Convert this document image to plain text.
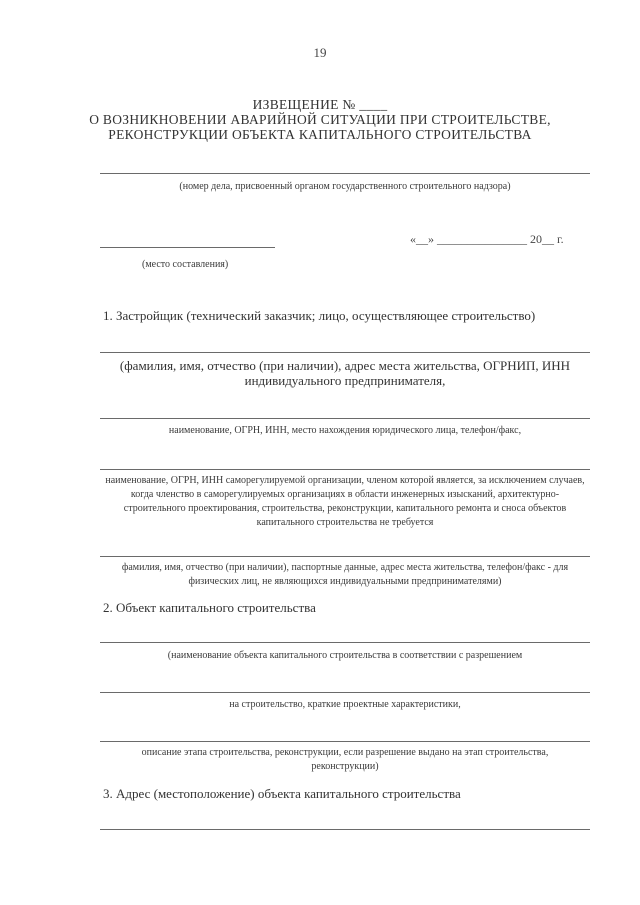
19
ИЗВЕЩЕНИЕ № ____
О ВОЗНИКНОВЕНИИ АВАРИЙНОЙ СИТУАЦИИ ПРИ СТРОИТЕЛЬСТВЕ,
РЕКОНСТРУКЦИИ ОБЪЕКТА КАПИТАЛЬНОГО СТРОИТЕЛЬСТВА
(номер дела, присвоенный органом государственного строительного надзора)
«__» _______________ 20__ г.
(место составления)
1. Застройщик (технический заказчик; лицо, осуществляющее строительство)
(фамилия, имя, отчество (при наличии), адрес места жительства, ОГРНИП, ИНН индивидуального предпринимателя,
наименование, ОГРН, ИНН, место нахождения юридического лица, телефон/факс,
наименование, ОГРН, ИНН саморегулируемой организации, членом которой является, за исключением случаев, когда членство в саморегулируемых организациях в области инженерных изысканий, архитектурно-строительного проектирования, строительства, реконструкции, капитального ремонта и сноса объектов капитального строительства не требуется
фамилия, имя, отчество (при наличии), паспортные данные, адрес места жительства, телефон/факс - для физических лиц, не являющихся индивидуальными предпринимателями)
2. Объект капитального строительства
(наименование объекта капитального строительства в соответствии с разрешением
на строительство, краткие проектные характеристики,
описание этапа строительства, реконструкции, если разрешение выдано на этап строительства, реконструкции)
3. Адрес (местоположение) объекта капитального строительства
